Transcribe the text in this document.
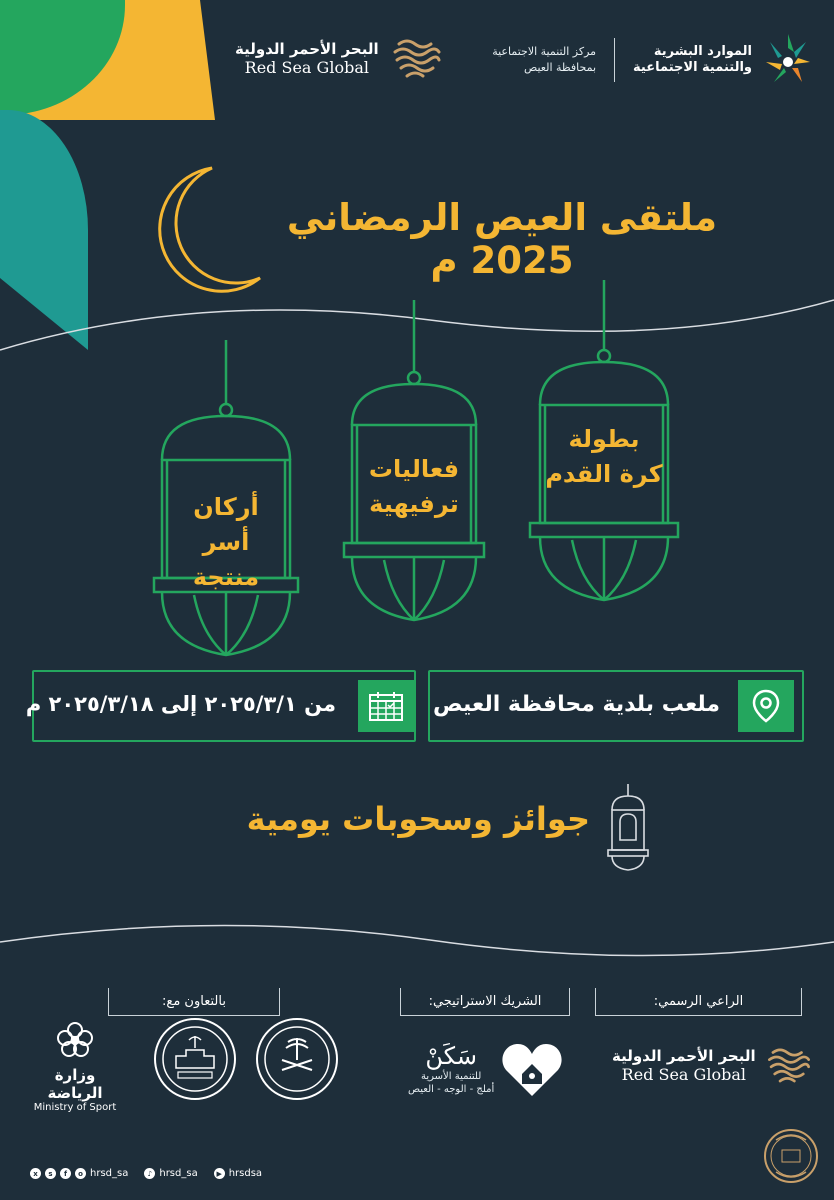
البحر الأحمر الدولية
Red Sea Global
مركز التنمية الاجتماعية
بمحافظة العيص
الموارد البشرية
والتنمية الاجتماعية
ملتقى العيص الرمضاني 2025 م
بطولة
كرة القدم
فعاليات
ترفيهية
أركان
أسر منتجة
ملعب بلدية محافظة العيص
من ٢٠٢٥/٣/١ إلى ٢٠٢٥/٣/١٨ م
جوائز وسحوبات يومية
الراعي الرسمي:
الشريك الاستراتيجي:
بالتعاون مع:
البحر الأحمر الدولية
Red Sea Global
سَكَنْ
للتنمية الأسرية
أملج - الوجه - العيص
وزارة الرياضة
Ministry of Sport
x	s	f	o hrsd_sa	♪ hrsd_sa	▶ hrsdsa
